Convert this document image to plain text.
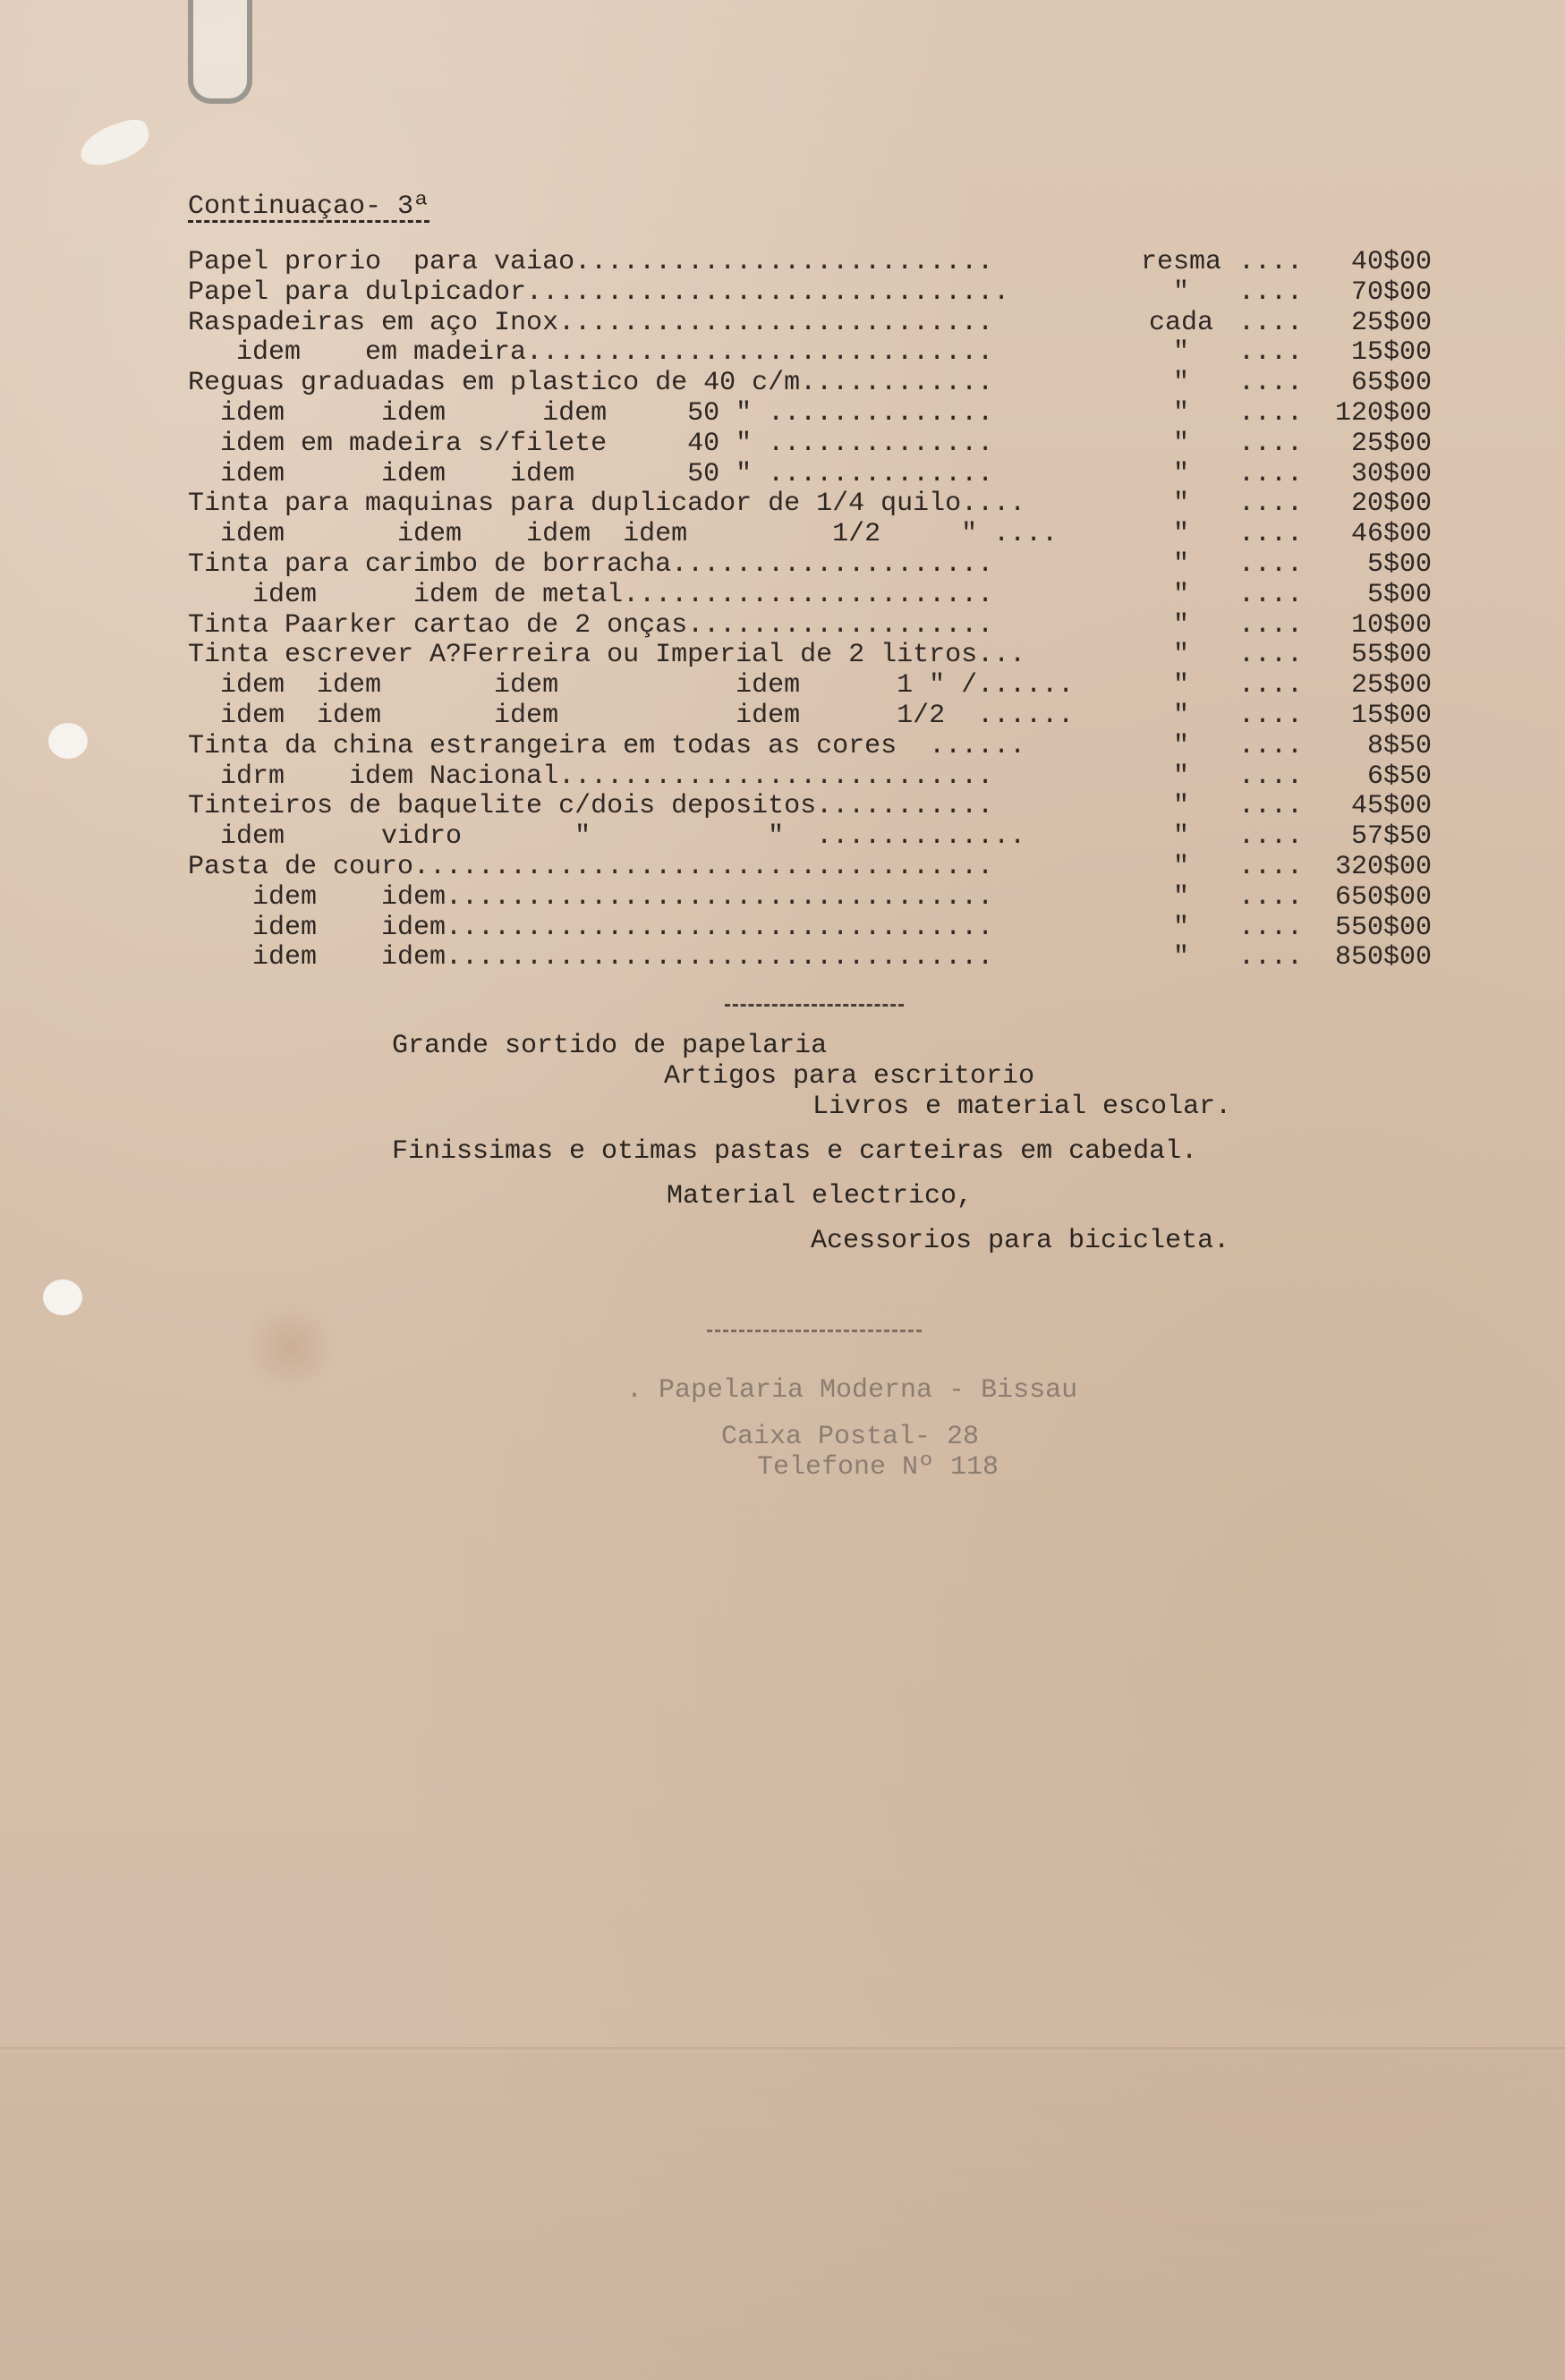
Continuaçao- 3ª
Papel prorio  para vaiao..........................	resma ....	40$00
Papel para dulpicador..............................	"	....	70$00
Raspadeiras em aço Inox...........................	cada ....	25$00
idem    em madeira.............................	"	....	15$00
Reguas graduadas em plastico de 40 c/m............	"	....	65$00
idem      idem      idem     50 " ..............	"	....	120$00
idem em madeira s/filete     40 " ..............	"	....	25$00
idem      idem    idem       50 " ..............	"	....	30$00
Tinta para maquinas para duplicador de 1/4 quilo....	"	....	20$00
idem       idem    idem  idem         1/2     " ....	"	....	46$00
Tinta para carimbo de borracha....................	"	....	5$00
idem      idem de metal.......................	"	....	5$00
Tinta Paarker cartao de 2 onças...................	"	....	10$00
Tinta escrever A?Ferreira ou Imperial de 2 litros...	"	....	55$00
idem  idem       idem           idem      1 " /......	"	....	25$00
idem  idem       idem           idem      1/2  ......	"	....	15$00
Tinta da china estrangeira em todas as cores  ......	"	....	8$50
idrm    idem Nacional...........................	"	....	6$50
Tinteiros de baquelite c/dois depositos...........	"	....	45$00
idem      vidro       "           "  .............	"	....	57$50
Pasta de couro....................................	"	....	320$00
idem    idem..................................	"	....	650$00
idem    idem..................................	"	....	550$00
idem    idem..................................	"	....	850$00
Grande sortido de papelaria
Artigos para escritorio
Livros e material escolar.
Finissimas e otimas pastas e carteiras em cabedal.
Material electrico,
Acessorios para bicicleta.
. Papelaria Moderna - Bissau
Caixa Postal- 28
Telefone Nº 118
